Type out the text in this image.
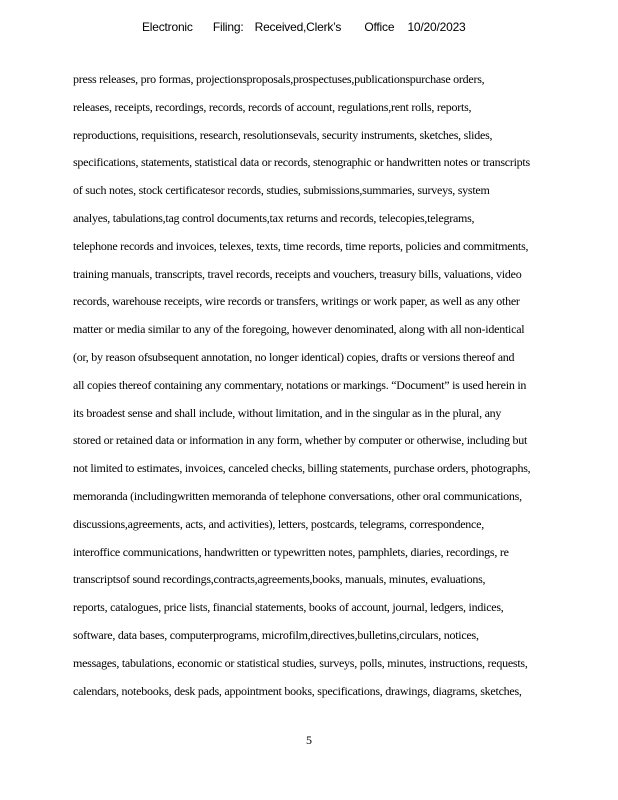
Electronic Filing: Received,Clerk’s Office 10/20/2023
press releases, pro formas, projectionsproposals,prospectuses,publicationspurchase orders,
releases, receipts, recordings, records, records of account, regulations,rent rolls, reports,
reproductions, requisitions, research, resolutionsevals, security instruments, sketches, slides,
specifications, statements, statistical data or records, stenographic or handwritten notes or transcripts
of such notes, stock certificatesor records, studies, submissions,summaries, surveys, system
analyes, tabulations,tag control documents,tax returns and records, telecopies,telegrams,
telephone records and invoices, telexes, texts, time records, time reports, policies and commitments,
training manuals, transcripts, travel records, receipts and vouchers, treasury bills, valuations, video
records, warehouse receipts, wire records or transfers, writings or work paper, as well as any other
matter or media similar to any of the foregoing, however denominated, along with all non-identical
(or, by reason ofsubsequent annotation, no longer identical) copies, drafts or versions thereof and
all copies thereof containing any commentary, notations or markings. “Document” is used herein in
its broadest sense and shall include, without limitation, and in the singular as in the plural, any
stored or retained data or information in any form, whether by computer or otherwise, including but
not limited to estimates, invoices, canceled checks, billing statements, purchase orders, photographs,
memoranda (includingwritten memoranda of telephone conversations, other oral communications,
discussions,agreements, acts, and activities), letters, postcards, telegrams, correspondence,
interoffice communications, handwritten or typewritten notes, pamphlets, diaries, recordings, re
transcriptsof sound recordings,contracts,agreements,books, manuals, minutes, evaluations,
reports, catalogues, price lists, financial statements, books of account, journal, ledgers, indices,
software, data bases, computerprograms, microfilm,directives,bulletins,circulars, notices,
messages, tabulations, economic or statistical studies, surveys, polls, minutes, instructions, requests,
calendars, notebooks, desk pads, appointment books, specifications, drawings, diagrams, sketches,
5
